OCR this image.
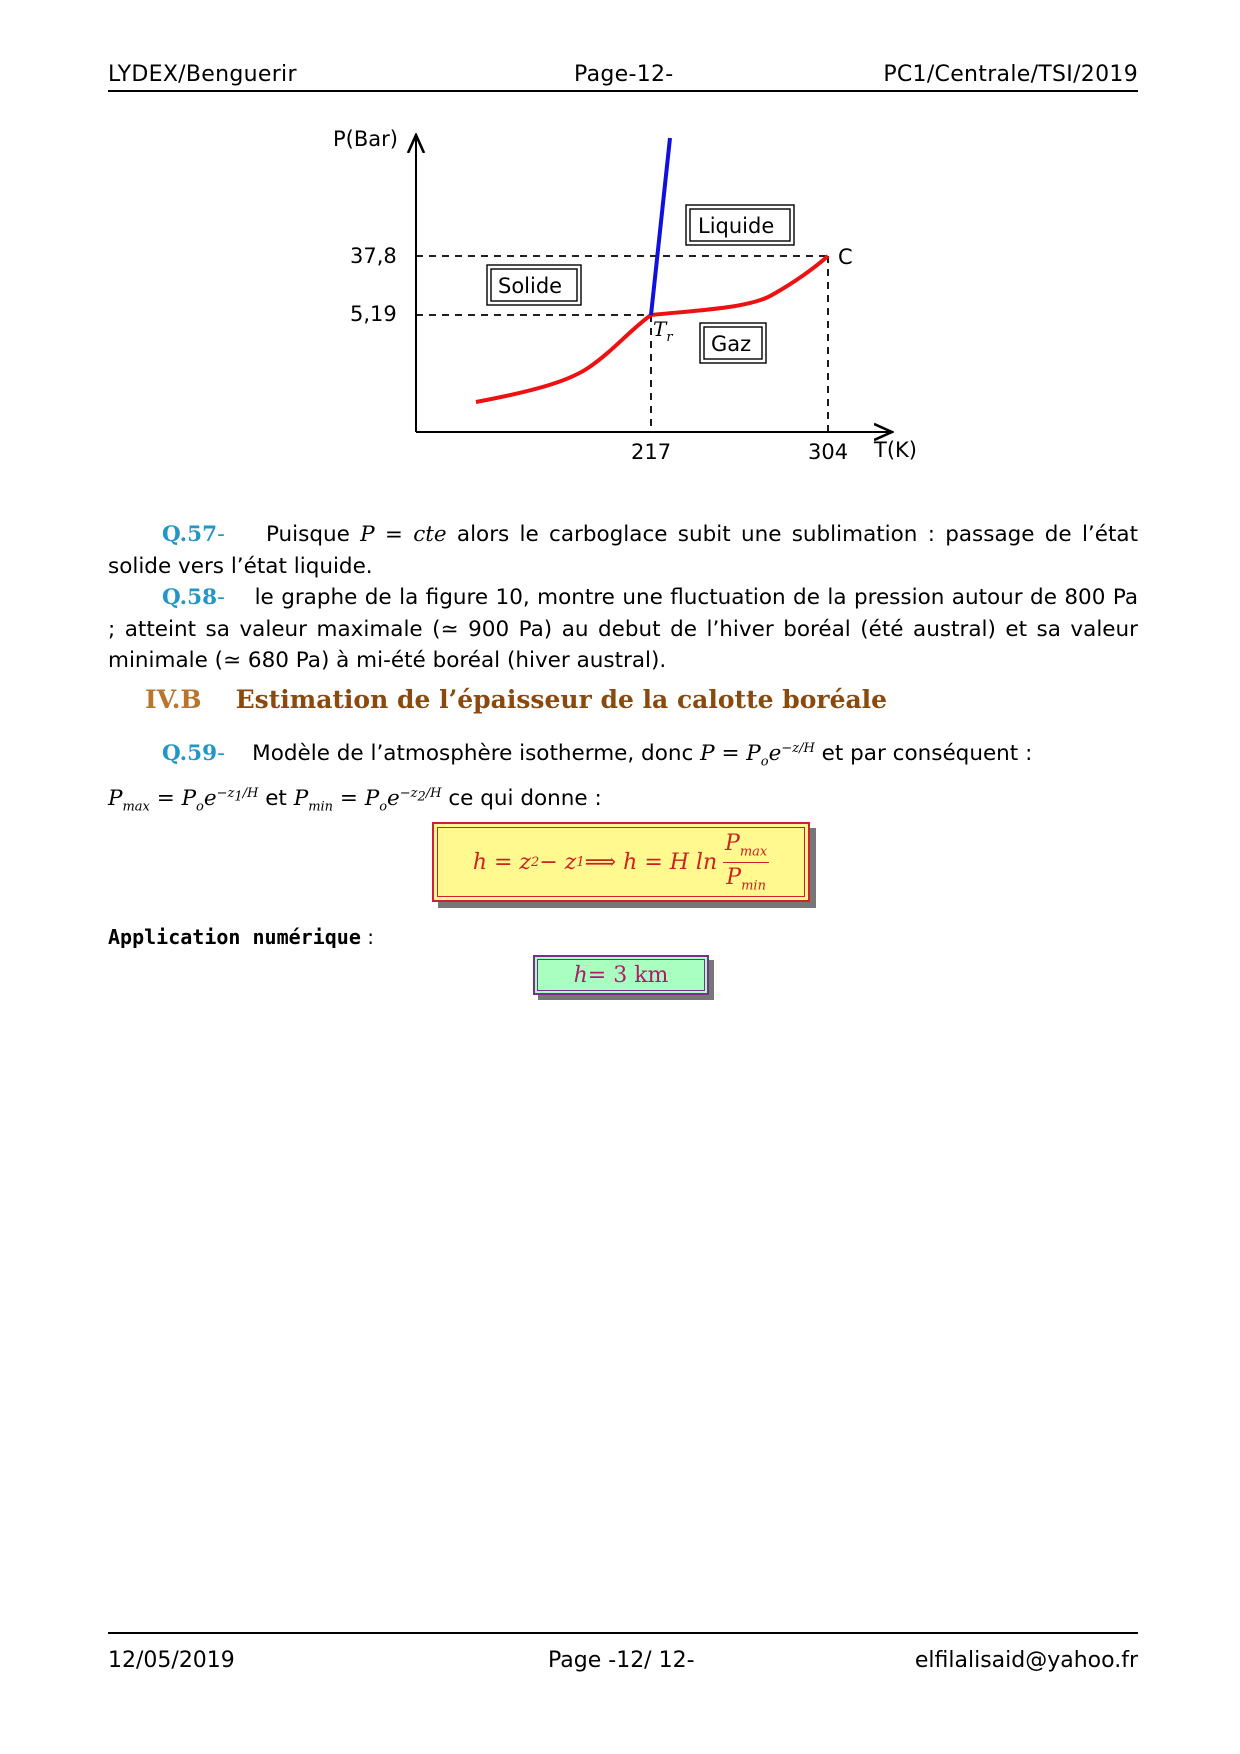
LYDEX/Benguerir	Page-12-	PC1/Centrale/TSI/2019
P(Bar)
T(K)
37,8
5,19
217	304
C
$T_r$
Liquide
Solide
Gaz
Q.57- Puisque P = cte alors le carboglace subit une sublimation : passage de l’état solide vers l’état liquide.
Q.58- le graphe de la figure 10, montre une fluctuation de la pression autour de 800 Pa ; atteint sa valeur maximale (≃ 900 Pa) au debut de l’hiver boréal (été austral) et sa valeur minimale (≃ 680 Pa) à mi-été boréal (hiver austral).
IV.B Estimation de l’épaisseur de la calotte boréale
Q.59- Modèle de l’atmosphère isotherme, donc $P = P_oe^{-z/H}$ et par conséquent :
$P_{max} = P_oe^{-z_1/H}$ et $P_{min} = P_oe^{-z_2/H}$ ce qui donne :
h = z 2 − z 1 ⟹ h = H $\ln \frac{P_{max}}{P_{min}}$
Application numérique :
h = 3 km
12/05/2019	Page -12/ 12-	elfilalisaid@yahoo.fr
